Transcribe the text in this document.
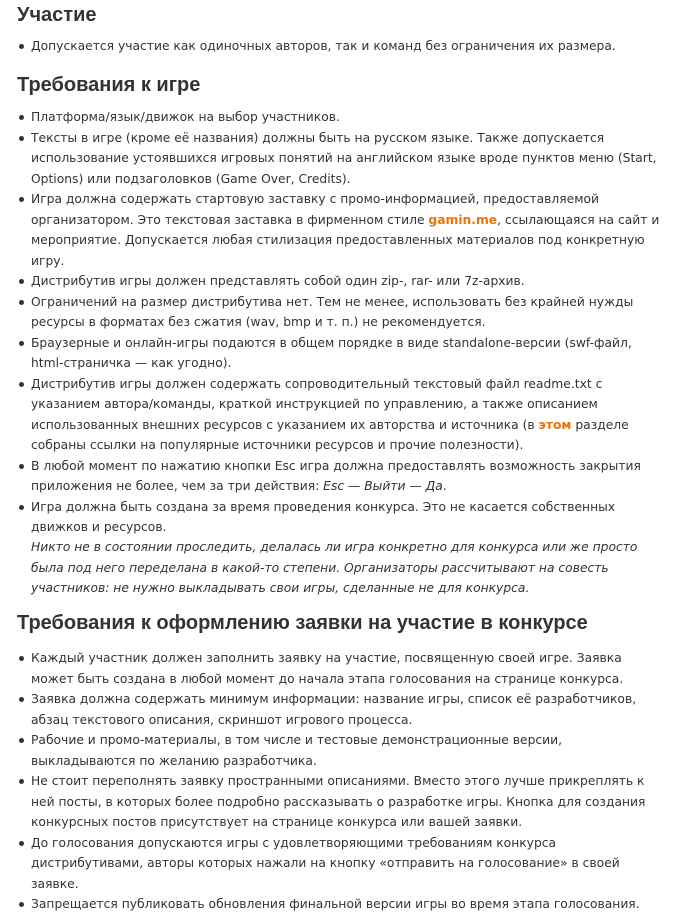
Участие
Допускается участие как одиночных авторов, так и команд без ограничения их размера.
Требования к игре
Платформа/язык/движок на выбор участников.
Тексты в игре (кроме её названия) должны быть на русском языке. Также допускается использование устоявшихся игровых понятий на английском языке вроде пунктов меню (Start, Options) или подзаголовков (Game Over, Credits).
Игра должна содержать стартовую заставку с промо-информацией, предоставляемой организатором. Это текстовая заставка в фирменном стиле gamin.me, ссылающаяся на сайт и мероприятие. Допускается любая стилизация предоставленных материалов под конкретную игру.
Дистрибутив игры должен представлять собой один zip-, rar- или 7z-архив.
Ограничений на размер дистрибутива нет. Тем не менее, использовать без крайней нужды ресурсы в форматах без сжатия (wav, bmp и т. п.) не рекомендуется.
Браузерные и онлайн-игры подаются в общем порядке в виде standalone-версии (swf-файл, html-страничка — как угодно).
Дистрибутив игры должен содержать сопроводительный текстовый файл readme.txt с указанием автора/команды, краткой инструкцией по управлению, а также описанием использованных внешних ресурсов с указанием их авторства и источника (в этом разделе собраны ссылки на популярные источники ресурсов и прочие полезности).
В любой момент по нажатию кнопки Esc игра должна предоставлять возможность закрытия приложения не более, чем за три действия: Esc — Выйти — Да.
Игра должна быть создана за время проведения конкурса. Это не касается собственных движков и ресурсов.

Никто не в состоянии проследить, делалась ли игра конкретно для конкурса или же просто была под него переделана в какой-то степени. Организаторы рассчитывают на совесть участников: не нужно выкладывать свои игры, сделанные не для конкурса.

Требования к оформлению заявки на участие в конкурсе
Каждый участник должен заполнить заявку на участие, посвященную своей игре. Заявка может быть создана в любой момент до начала этапа голосования на странице конкурса.
Заявка должна содержать минимум информации: название игры, список её разработчиков, абзац текстового описания, скриншот игрового процесса.
Рабочие и промо-материалы, в том числе и тестовые демонстрационные версии, выкладываются по желанию разработчика.
Не стоит переполнять заявку пространными описаниями. Вместо этого лучше прикреплять к ней посты, в которых более подробно рассказывать о разработке игры. Кнопка для создания конкурсных постов присутствует на странице конкурса или вашей заявки.
До голосования допускаются игры с удовлетворяющими требованиям конкурса дистрибутивами, авторы которых нажали на кнопку «отправить на голосование» в своей заявке.
Запрещается публиковать обновления финальной версии игры во время этапа голосования.
